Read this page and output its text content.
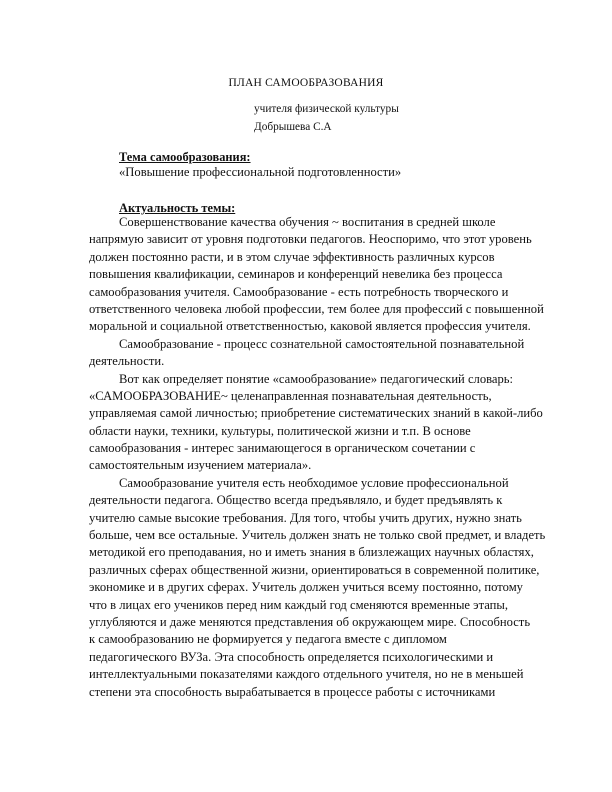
ПЛАН САМООБРАЗОВАНИЯ
учителя физической культуры
Добрышева С.А
Тема самообразования:
«Повышение профессиональной подготовленности»
Актуальность темы:
Совершенствование качества обучения ~ воспитания в средней школе
напрямую зависит от уровня подготовки педагогов. Неоспоримо, что этот уровень
должен постоянно расти, и в этом случае эффективность различных курсов
повышения квалификации, семинаров и конференций невелика без процесса
самообразования учителя. Самообразование - есть потребность творческого и
ответственного человека любой профессии, тем более для профессий с повышенной
моральной и социальной ответственностью, каковой является профессия учителя.
Самообразование - процесс сознательной самостоятельной познавательной
деятельности.
Вот как определяет понятие «самообразование» педагогический словарь:
«САМООБРАЗОВАНИЕ~ целенаправленная познавательная деятельность,
управляемая самой личностью; приобретение систематических знаний в какой-либо
области науки, техники, культуры, политической жизни и т.п. В основе
самообразования - интерес занимающегося в органическом сочетании с
самостоятельным изучением материала».
Самообразование учителя есть необходимое условие профессиональной
деятельности педагога. Общество всегда предъявляло, и будет предъявлять к
учителю самые высокие требования. Для того, чтобы учить других, нужно знать
больше, чем все остальные. Учитель должен знать не только свой предмет, и владеть
методикой его преподавания, но и иметь знания в близлежащих научных областях,
различных сферах общественной жизни, ориентироваться в современной политике,
экономике и в других сферах. Учитель должен учиться всему постоянно, потому
что в лицах его учеников перед ним каждый год сменяются временные этапы,
углубляются и даже меняются представления об окружающем мире. Способность
к самообразованию не формируется у педагога вместе с дипломом
педагогического ВУЗа. Эта способность определяется психологическими и
интеллектуальными показателями каждого отдельного учителя, но не в меньшей
степени эта способность вырабатывается в процессе работы с источниками
